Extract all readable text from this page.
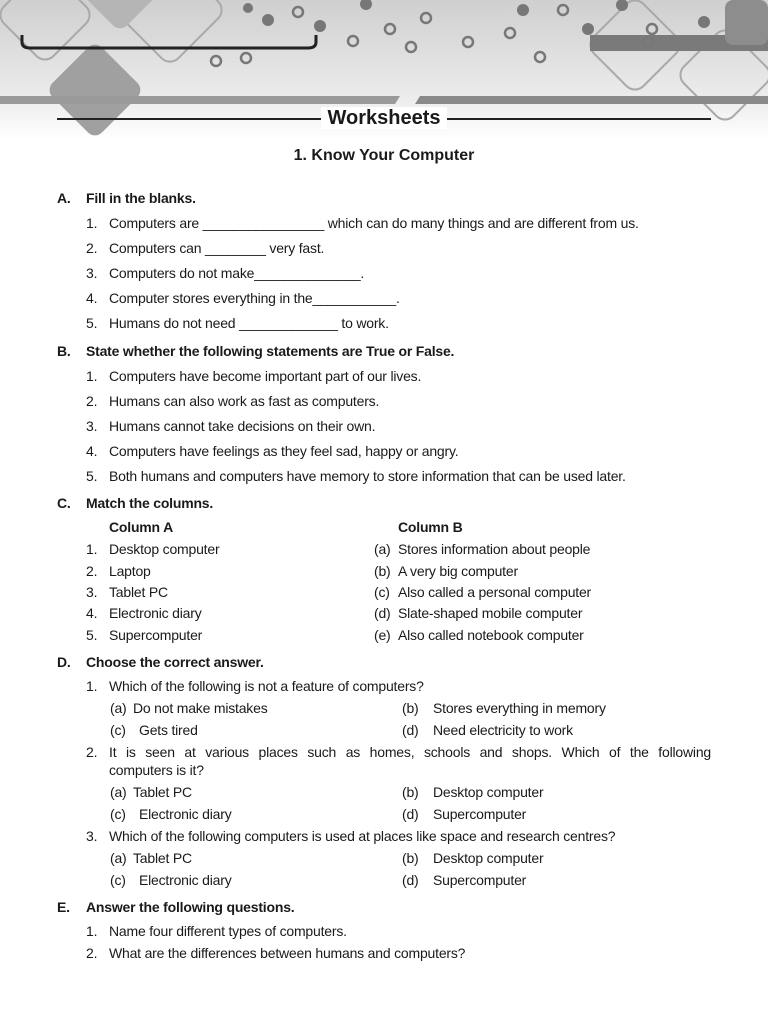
Worksheets
1. Know Your Computer
A. Fill in the blanks.
1. Computers are ________________ which can do many things and are different from us.
2. Computers can ________ very fast.
3. Computers do not make______________.
4. Computer stores everything in the___________.
5. Humans do not need _____________ to work.
B. State whether the following statements are True or False.
1. Computers have become important part of our lives.
2. Humans can also work as fast as computers.
3. Humans cannot take decisions on their own.
4. Computers have feelings as they feel sad, happy or angry.
5. Both humans and computers have memory to store information that can be used later.
C. Match the columns.
Column A	Column B
1. Desktop computer	(a) Stores information about people
2. Laptop	(b) A very big computer
3. Tablet PC	(c) Also called a personal computer
4. Electronic diary	(d) Slate-shaped mobile computer
5. Supercomputer	(e) Also called notebook computer
D. Choose the correct answer.
1. Which of the following is not a feature of computers?
(a) Do not make mistakes	(b) Stores everything in memory
(c) Gets tired	(d) Need electricity to work
2. It is seen at various places such as homes, schools and shops. Which of the following
computers is it?
(a) Tablet PC	(b) Desktop computer
(c) Electronic diary	(d) Supercomputer
3. Which of the following computers is used at places like space and research centres?
(a) Tablet PC	(b) Desktop computer
(c) Electronic diary	(d) Supercomputer
E. Answer the following questions.
1. Name four different types of computers.
2. What are the differences between humans and computers?
